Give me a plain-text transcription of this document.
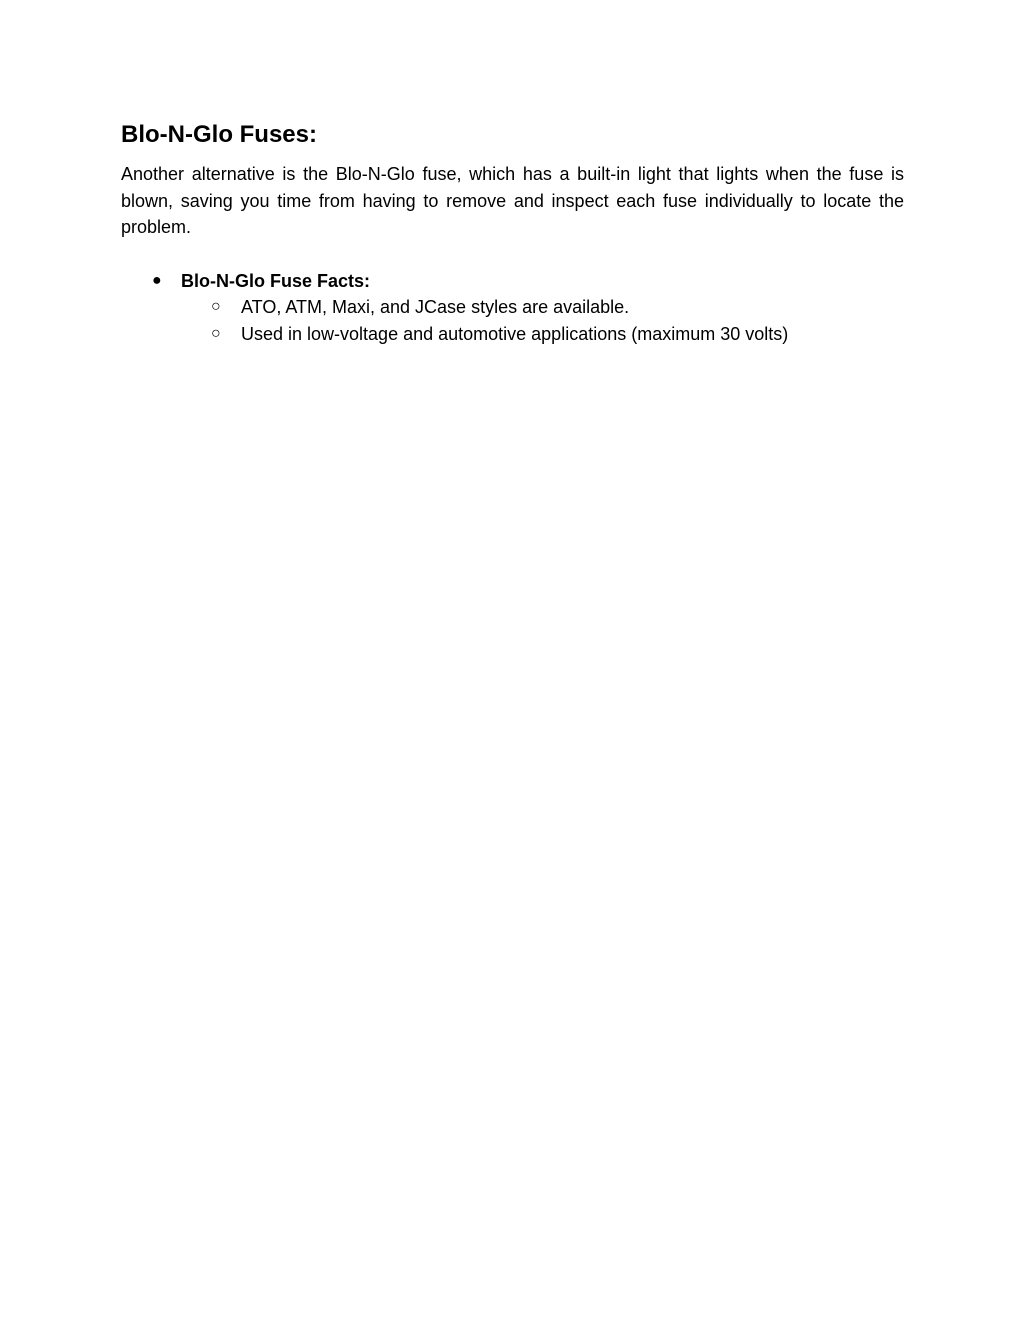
Blo-N-Glo Fuses:

Another alternative is the Blo-N-Glo fuse, which has a built-in light that lights when the fuse is blown, saving you time from having to remove and inspect each fuse individually to locate the problem.

● Blo-N-Glo Fuse Facts:
○ ATO, ATM, Maxi, and JCase styles are available.
○ Used in low-voltage and automotive applications (maximum 30 volts)
